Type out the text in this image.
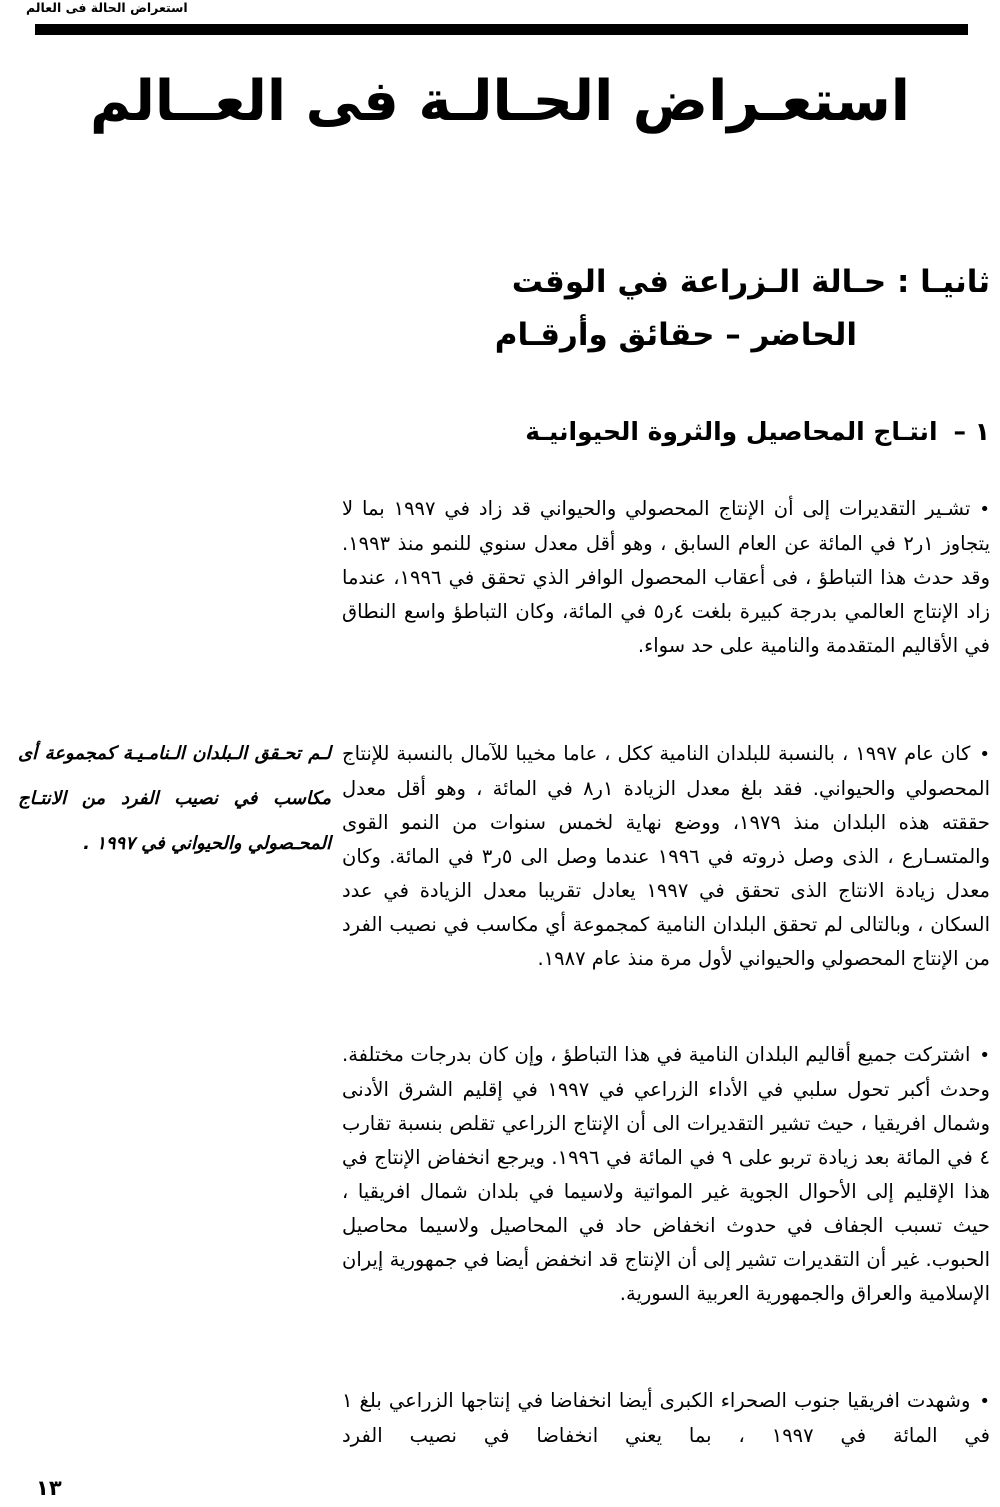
استعراض الحالة فى العالم
استعـراض الحـالـة فى العــالم
ثانيـا : حـالة الـزراعة في الوقت
الحاضر – حقائق وأرقـام
١ –انتـاج المحاصيل والثروة الحيوانيـة

•تشـير التقديرات إلى أن الإنتاج المحصولي والحيواني قد زاد في ١٩٩٧ بما لا يتجاوز ١ر٢ في المائة عن العام السابق ، وهو أقل معدل سنوي للنمو منذ ١٩٩٣. وقد حدث هذا التباطؤ ، فى أعقاب المحصول الوافر الذي تحقق في ١٩٩٦، عندما زاد الإنتاج العالمي بدرجة كبيرة بلغت ٤ر٥ في المائة، وكان التباطؤ واسع النطاق في الأقاليم المتقدمة والنامية على حد سواء.

•كان عام ١٩٩٧ ، بالنسبة للبلدان النامية ككل ، عاما مخيبا للآمال بالنسبة للإنتاج المحصولي والحيواني. فقد بلغ معدل الزيادة ١ر٨ في المائة ، وهو أقل معدل حققته هذه البلدان منذ ١٩٧٩، ووضع نهاية لخمس سنوات من النمو القوى والمتسـارع ، الذى وصل ذروته في ١٩٩٦ عندما وصل الى ٥ر٣ في المائة. وكان معدل زيادة الانتاج الذى تحقق في ١٩٩٧ يعادل تقريبا معدل الزيادة في عدد السكان ، وبالتالى لم تحقق البلدان النامية كمجموعة أي مكاسب في نصيب الفرد من الإنتاج المحصولي والحيواني لأول مرة منذ عام ١٩٨٧.

•اشتركت جميع أقاليم البلدان النامية في هذا التباطؤ ، وإن كان بدرجات مختلفة. وحدث أكبر تحول سلبي في الأداء الزراعي في ١٩٩٧ في إقليم الشرق الأدنى وشمال افريقيا ، حيث تشير التقديرات الى أن الإنتاج الزراعي تقلص بنسبة تقارب ٤ في المائة بعد زيادة تربو على ٩ في المائة في ١٩٩٦. ويرجع انخفاض الإنتاج في هذا الإقليم إلى الأحوال الجوية غير المواتية ولاسيما في بلدان شمال افريقيا ، حيث تسبب الجفاف في حدوث انخفاض حاد في المحاصيل ولاسيما محاصيل الحبوب. غير أن التقديرات تشير إلى أن الإنتاج قد انخفض أيضا في جمهورية إيران الإسلامية والعراق والجمهورية العربية السورية.

•وشهدت افريقيا جنوب الصحراء الكبرى أيضا انخفاضا في إنتاجها الزراعي بلغ ١ في المائة في ١٩٩٧ ، بما يعني انخفاضا في نصيب الفرد

لـم تحـقق الـبلدان الـنامـيـة كمجموعة أى مكاسب في نصيب الفرد من الانتـاج المحـصولي والحيواني في ١٩٩٧ .
١٣
